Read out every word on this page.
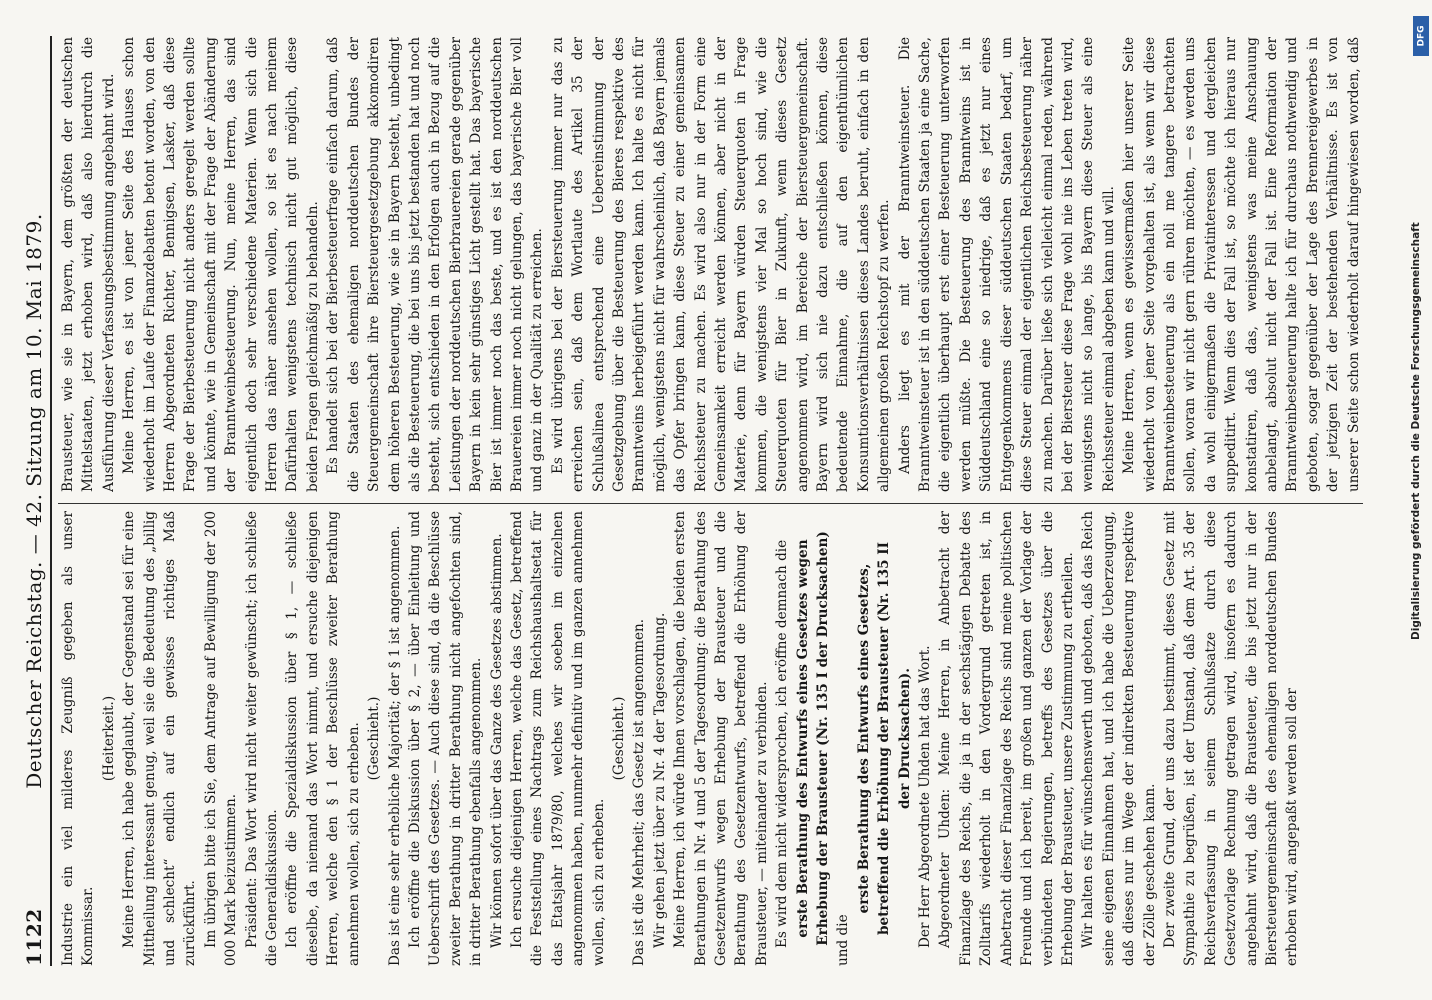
1122
Deutscher Reichstag. — 42. Sitzung am 10. Mai 1879. Industrie ein viel milderes Zeugniß gegeben als unser Kommissar.

(Heiterkeit.) Meine Herren, ich habe geglaubt, der Gegenstand sei für eine Mittheilung interessant genug, weil sie die Bedeutung des „billig und schlecht“ endlich auf ein gewisses richtiges Maß zurückführt. Im übrigen bitte ich Sie, dem Antrage auf Bewilligung der 200 000 Mark beizustimmen. Präsident: Das Wort wird nicht weiter gewünscht; ich schließe die Generaldiskussion. Ich eröffne die Spezialdiskussion über § 1, — schließe dieselbe, da niemand das Wort nimmt, und ersuche diejenigen Herren, welche den § 1 der Beschlüsse zweiter Berathung annehmen wollen, sich zu erheben. (Geschieht.) Das ist eine sehr erhebliche Majorität; der § 1 ist angenommen. Ich eröffne die Diskussion über § 2, — über Einleitung und Ueberschrift des Gesetzes. — Auch diese sind, da die Beschlüsse zweiter Berathung in dritter Berathung nicht angefochten sind, in dritter Berathung ebenfalls angenommen. Wir können sofort über das Ganze des Gesetzes abstimmen. Ich ersuche diejenigen Herren, welche das Gesetz, betreffend die Feststellung eines Nachtrags zum Reichshaushaltsetat für das Etatsjahr 1879/80, welches wir soeben im einzelnen angenommen haben, nunmehr definitiv und im ganzen annehmen wollen, sich zu erheben.

(Geschieht.) Das ist die Mehrheit; das Gesetz ist angenommen. Wir gehen jetzt über zu Nr. 4 der Tagesordnung. Meine Herren, ich würde Ihnen vorschlagen, die beiden ersten Berathungen in Nr. 4 und 5 der Tagesordnung: die Berathung des Gesetzentwurfs wegen Erhebung der Brausteuer und die Berathung des Gesetzentwurfs, betreffend die Erhöhung der Brausteuer, — miteinander zu verbinden. Es wird dem nicht widersprochen, ich eröffne demnach die erste Berathung des Entwurfs eines Gesetzes wegen Erhebung der Brausteuer (Nr. 135 I der Drucksachen) und die

erste Berathung des Entwurfs eines Gesetzes, betreffend die Erhöhung der Brausteuer (Nr. 135 II der Drucksachen). Der Herr Abgeordnete Uhden hat das Wort. Abgeordneter Uhden: Meine Herren, in Anbetracht der Finanzlage des Reichs, die ja in der sechstägigen Debatte des Zolltarifs wiederholt in den Vordergrund getreten ist, in Anbetracht dieser Finanzlage des Reichs sind meine politischen Freunde und ich bereit, im großen und ganzen der Vorlage der verbündeten Regierungen, betreffs des Gesetzes über die Erhebung der Brausteuer, unsere Zustimmung zu ertheilen. Wir halten es für wünschenswerth und geboten, daß das Reich seine eigenen Einnahmen hat, und ich habe die Ueberzeugung, daß dieses nur im Wege der indirekten Besteuerung respektive der Zölle geschehen kann. Der zweite Grund, der uns dazu bestimmt, dieses Gesetz mit Sympathie zu begrüßen, ist der Umstand, daß dem Art. 35 der Reichsverfassung in seinem Schlußsatze durch diese Gesetzvorlage Rechnung getragen wird, insofern es dadurch angebahnt wird, daß die Brausteuer, die bis jetzt nur in der Biersteuergemeinschaft des ehemaligen norddeutschen Bundes erhoben wird, angepaßt werden soll der

Brausteuer, wie sie in Bayern, dem größten der deutschen Mittelstaaten, jetzt erhoben wird, daß also hierdurch die Ausführung dieser Verfassungsbestimmung angebahnt wird. Meine Herren, es ist von jener Seite des Hauses schon wiederholt im Laufe der Finanzdebatten betont worden, von den Herren Abgeordneten Richter, Bennigsen, Lasker, daß diese Frage der Bierbesteuerung nicht anders geregelt werden sollte und könnte, wie in Gemeinschaft mit der Frage der Abänderung der Branntweinbesteuerung. Nun, meine Herren, das sind eigentlich doch sehr verschiedene Materien. Wenn sich die Herren das näher ansehen wollen, so ist es nach meinem Dafürhalten wenigstens technisch nicht gut möglich, diese beiden Fragen gleichmäßig zu behandeln. Es handelt sich bei der Bierbesteuerfrage einfach darum, daß die Staaten des ehemaligen norddeutschen Bundes der Steuergemeinschaft ihre Biersteuergesetzgebung akkomodiren dem höheren Besteuerung, wie sie in Bayern besteht, unbedingt als die Besteuerung, die bei uns bis jetzt bestanden hat und noch besteht, sich entschieden in den Erfolgen auch in Bezug auf die Leistungen der norddeutschen Bierbrauereien gerade gegenüber Bayern in kein sehr günstiges Licht gestellt hat. Das bayerische Bier ist immer noch das beste, und es ist den norddeutschen Brauereien immer noch nicht gelungen, das bayerische Bier voll und ganz in der Qualität zu erreichen. Es wird übrigens bei der Biersteuerung immer nur das zu erreichen sein, daß dem Wortlaute des Artikel 35 der Schlußalinea entsprechend eine Uebereinstimmung der Gesetzgebung über die Besteuerung des Bieres respektive des Branntweins herbeigeführt werden kann. Ich halte es nicht für möglich, wenigstens nicht für wahrscheinlich, daß Bayern jemals das Opfer bringen kann, diese Steuer zu einer gemeinsamen Reichssteuer zu machen. Es wird also nur in der Form eine Gemeinsamkeit erreicht werden können, aber nicht in der Materie, denn für Bayern würden Steuerquoten in Frage kommen, die wenigstens vier Mal so hoch sind, wie die Steuerquoten für Bier in Zukunft, wenn dieses Gesetz angenommen wird, im Bereiche der Biersteuergemeinschaft. Bayern wird sich nie dazu entschließen können, diese bedeutende Einnahme, die auf den eigenthümlichen Konsumtionsverhältnissen dieses Landes beruht, einfach in den allgemeinen großen Reichstopf zu werfen. Anders liegt es mit der Branntweinsteuer. Die Branntweinsteuer ist in den süddeutschen Staaten ja eine Sache, die eigentlich überhaupt erst einer Besteuerung unterworfen werden müßte. Die Besteuerung des Branntweins ist in Süddeutschland eine so niedrige, daß es jetzt nur eines Entgegenkommens dieser süddeutschen Staaten bedarf, um diese Steuer einmal der eigentlichen Reichsbesteuerung näher zu machen. Darüber ließe sich vielleicht einmal reden, während bei der Biersteuer diese Frage wohl nie ins Leben treten wird, wenigstens nicht so lange, bis Bayern diese Steuer als eine Reichssteuer einmal abgeben kann und will. Meine Herren, wenn es gewissermaßen hier unserer Seite wiederholt von jener Seite vorgehalten ist, als wenn wir diese Branntweinbesteuerung als ein noli me tangere betrachten sollen, woran wir nicht gern rühren möchten, — es werden uns da wohl einigermaßen die Privatinteressen und dergleichen suppeditirt. Wenn dies der Fall ist, so möchte ich hieraus nur konstatiren, daß das, wenigstens was meine Anschauung anbelangt, absolut nicht der Fall ist. Eine Reformation der Branntweinbesteuerung halte ich für durchaus nothwendig und geboten, sogar gegenüber der Lage des Brennereigewerbes in der jetzigen Zeit der bestehenden Verhältnisse. Es ist von unserer Seite schon wiederholt darauf hingewiesen worden, daß

DFG
Digitalisierung gefördert durch die Deutsche Forschungsgemeinschaft
